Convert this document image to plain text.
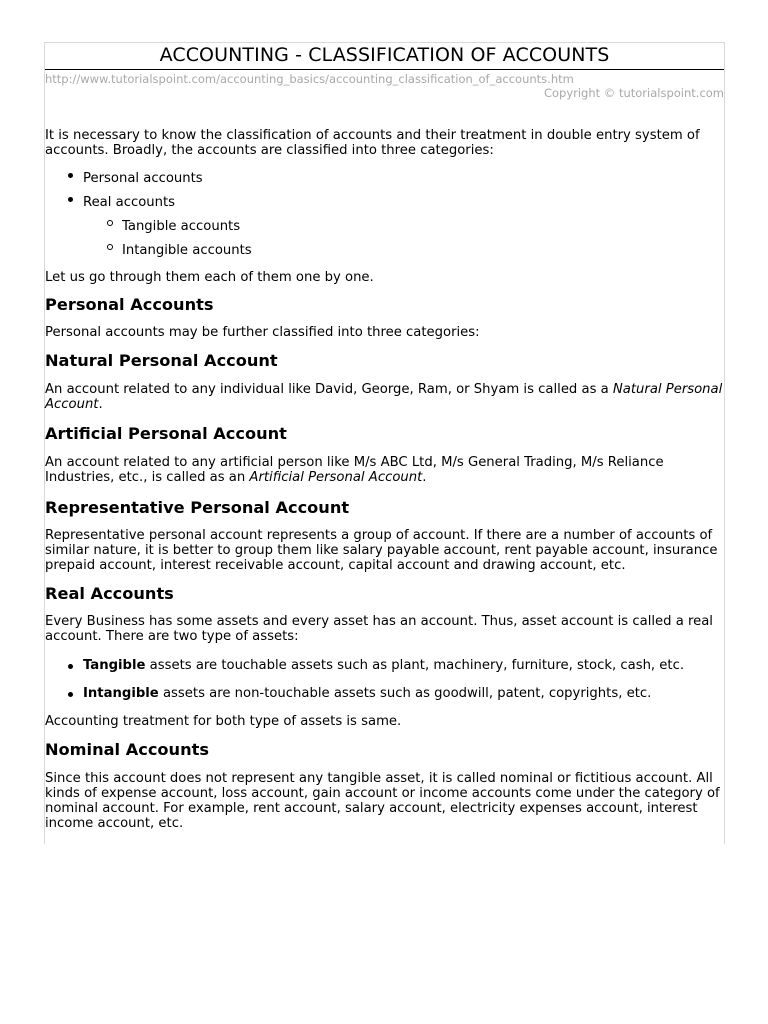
ACCOUNTING - CLASSIFICATION OF ACCOUNTS
http://www.tutorialspoint.com/accounting_basics/accounting_classification_of_accounts.htm
Copyright © tutorialspoint.com

It is necessary to know the classification of accounts and their treatment in double entry system of accounts. Broadly, the accounts are classified into three categories:

Personal accounts
Real accounts
Tangible accounts
Intangible accounts

Let us go through them each of them one by one.

Personal Accounts

Personal accounts may be further classified into three categories:

Natural Personal Account

An account related to any individual like David, George, Ram, or Shyam is called as a Natural Personal Account.

Artificial Personal Account

An account related to any artificial person like M/s ABC Ltd, M/s General Trading, M/s Reliance Industries, etc., is called as an Artificial Personal Account.

Representative Personal Account

Representative personal account represents a group of account. If there are a number of accounts of similar nature, it is better to group them like salary payable account, rent payable account, insurance prepaid account, interest receivable account, capital account and drawing account, etc.

Real Accounts

Every Business has some assets and every asset has an account. Thus, asset account is called a real account. There are two type of assets:

Tangible assets are touchable assets such as plant, machinery, furniture, stock, cash, etc.
Intangible assets are non-touchable assets such as goodwill, patent, copyrights, etc.

Accounting treatment for both type of assets is same.

Nominal Accounts

Since this account does not represent any tangible asset, it is called nominal or fictitious account. All kinds of expense account, loss account, gain account or income accounts come under the category of nominal account. For example, rent account, salary account, electricity expenses account, interest income account, etc.
